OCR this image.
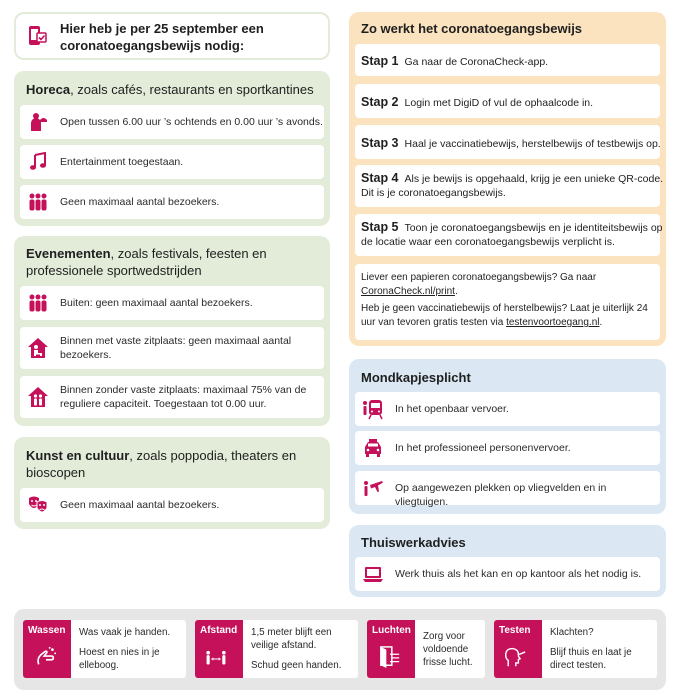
Hier heb je per 25 september een
coronatoegangsbewijs nodig:
Horeca, zoals cafés, restaurants en sportkantines
Open tussen 6.00 uur ’s ochtends en 0.00 uur ’s avonds.
Entertainment toegestaan.
Geen maximaal aantal bezoekers.
Evenementen, zoals festivals, feesten en
professionele sportwedstrijden
Buiten: geen maximaal aantal bezoekers.
Binnen met vaste zitplaats: geen maximaal aantal
bezoekers.
Binnen zonder vaste zitplaats: maximaal 75% van de
reguliere capaciteit. Toegestaan tot 0.00 uur.
Kunst en cultuur, zoals poppodia, theaters en
bioscopen
Geen maximaal aantal bezoekers.
Zo werkt het coronatoegangsbewijs
Stap 1 Ga naar de CoronaCheck-app.
Stap 2 Login met DigiD of vul de ophaalcode in.
Stap 3 Haal je vaccinatiebewijs, herstelbewijs of testbewijs op.
Stap 4 Als je bewijs is opgehaald, krijg je een unieke QR-code.
Dit is je coronatoegangsbewijs.
Stap 5 Toon je coronatoegangsbewijs en je identiteitsbewijs op
de locatie waar een coronatoegangsbewijs verplicht is.
Liever een papieren coronatoegangsbewijs? Ga naar
CoronaCheck.nl/print.
Heb je geen vaccinatiebewijs of herstelbewijs? Laat je uiterlijk 24
uur van tevoren gratis testen via testenvoortoegang.nl.
Mondkapjesplicht
In het openbaar vervoer.
In het professioneel personenvervoer.
Op aangewezen plekken op vliegvelden en in vliegtuigen.
Thuiswerkadvies
Werk thuis als het kan en op kantoor als het nodig is.
Wassen Was vaak je handen.
Hoest en nies in je
elleboog.
Afstand 1,5 meter blijft een
veilige afstand.
Schud geen handen.
Luchten
Zorg voor
voldoende
frisse lucht.
Testen Klachten?
Blijf thuis en laat je
direct testen.
